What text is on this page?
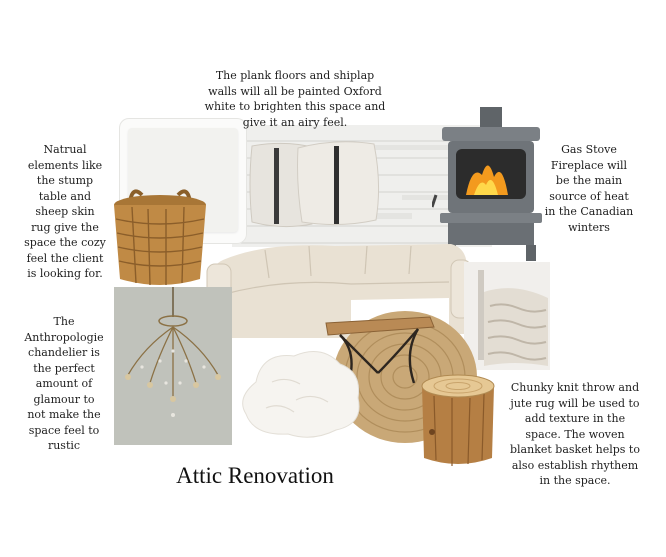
The plank floors and shiplap walls will all be painted Oxford white to brighten this space and give it an airy feel.
Natrual elements like the stump table and sheep skin rug give the space the cozy feel the client is looking for.
Gas Stove Fireplace will be the main source of heat in the Canadian winters
The Anthropologie chandelier is the perfect amount of glamour to not make the space feel to rustic
Chunky knit throw and jute rug will be used to add texture in the space. The woven blanket basket helps to also establish rhythem in the space.
Attic Renovation
